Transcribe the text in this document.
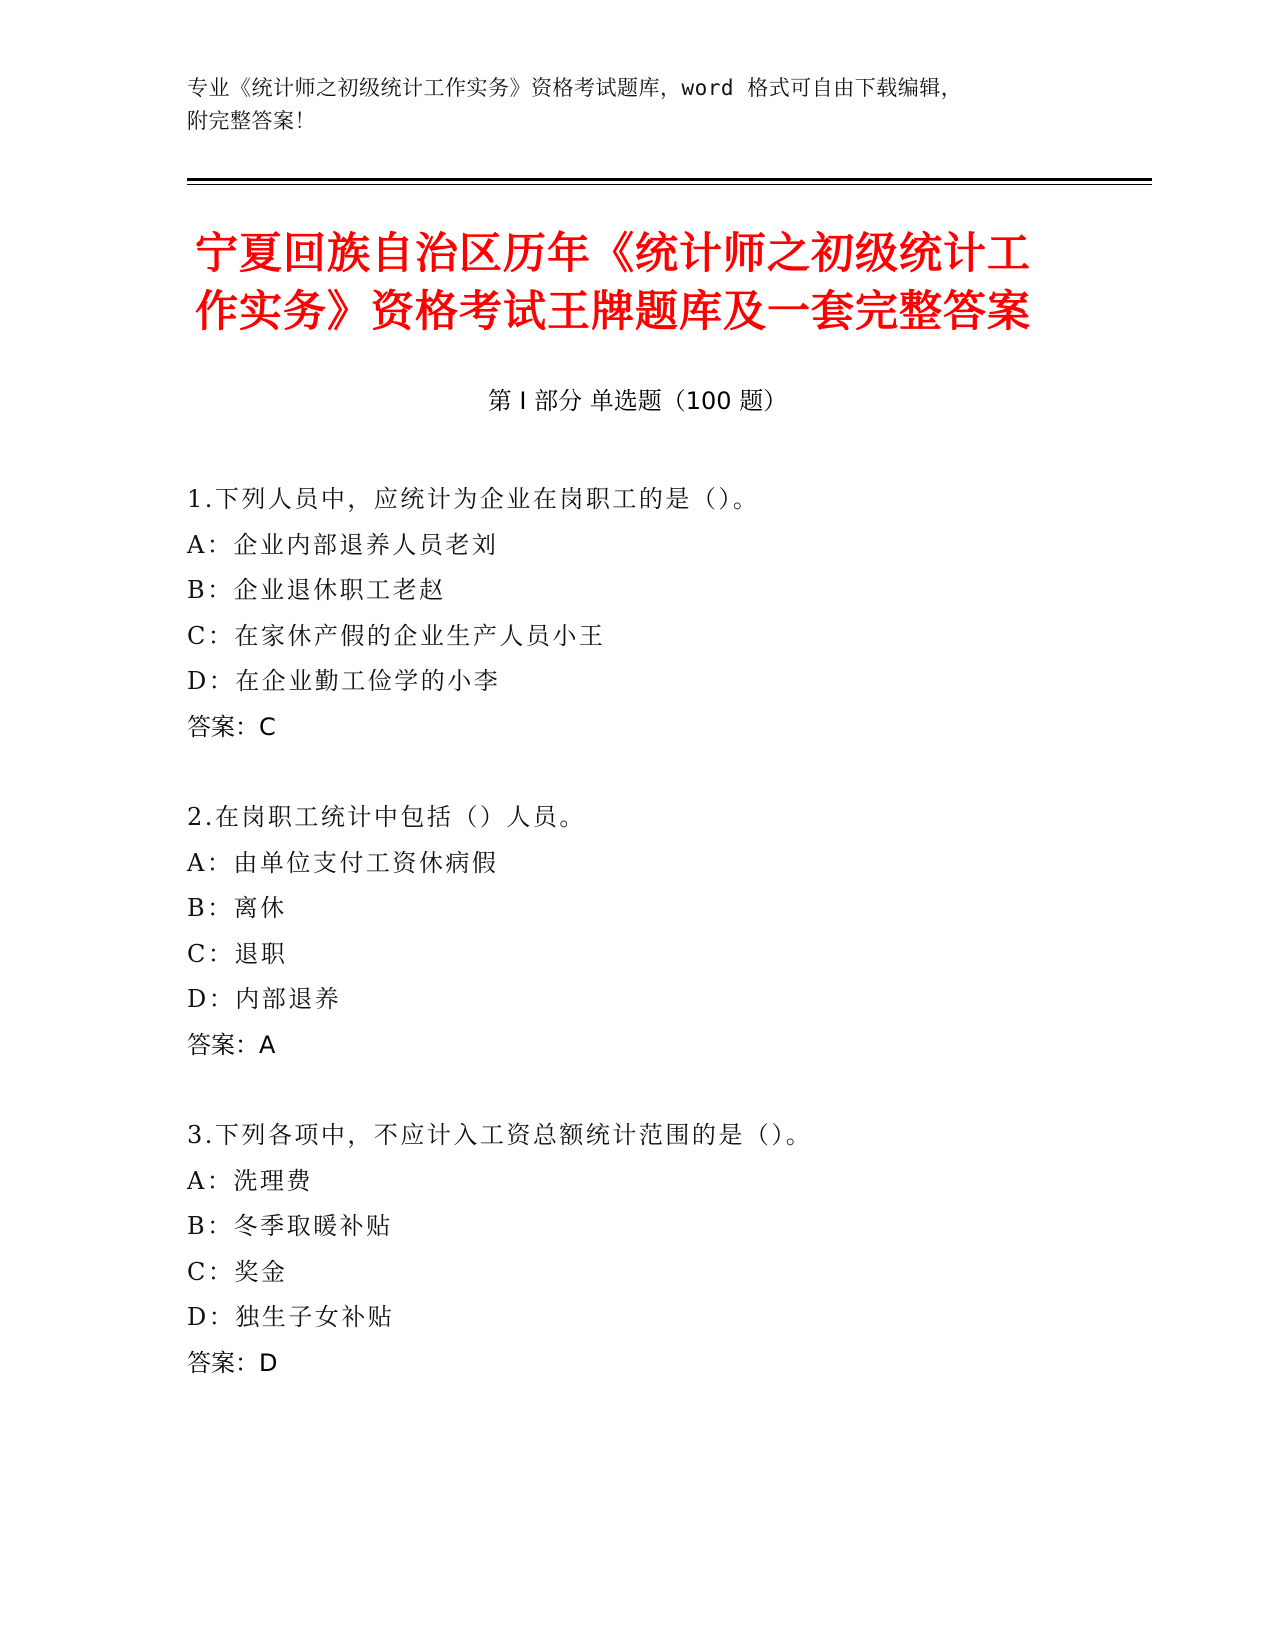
专业《统计师之初级统计工作实务》资格考试题库，word 格式可自由下载编辑，
附完整答案！
宁夏回族自治区历年《统计师之初级统计工
作实务》资格考试王牌题库及一套完整答案
第 I 部分 单选题（100 题）
1.下列人员中，应统计为企业在岗职工的是（）。
A：企业内部退养人员老刘
B：企业退休职工老赵
C：在家休产假的企业生产人员小王
D：在企业勤工俭学的小李
答案：C
2.在岗职工统计中包括（）人员。
A：由单位支付工资休病假
B：离休
C：退职
D：内部退养
答案：A
3.下列各项中，不应计入工资总额统计范围的是（）。
A：洗理费
B：冬季取暖补贴
C：奖金
D：独生子女补贴
答案：D
